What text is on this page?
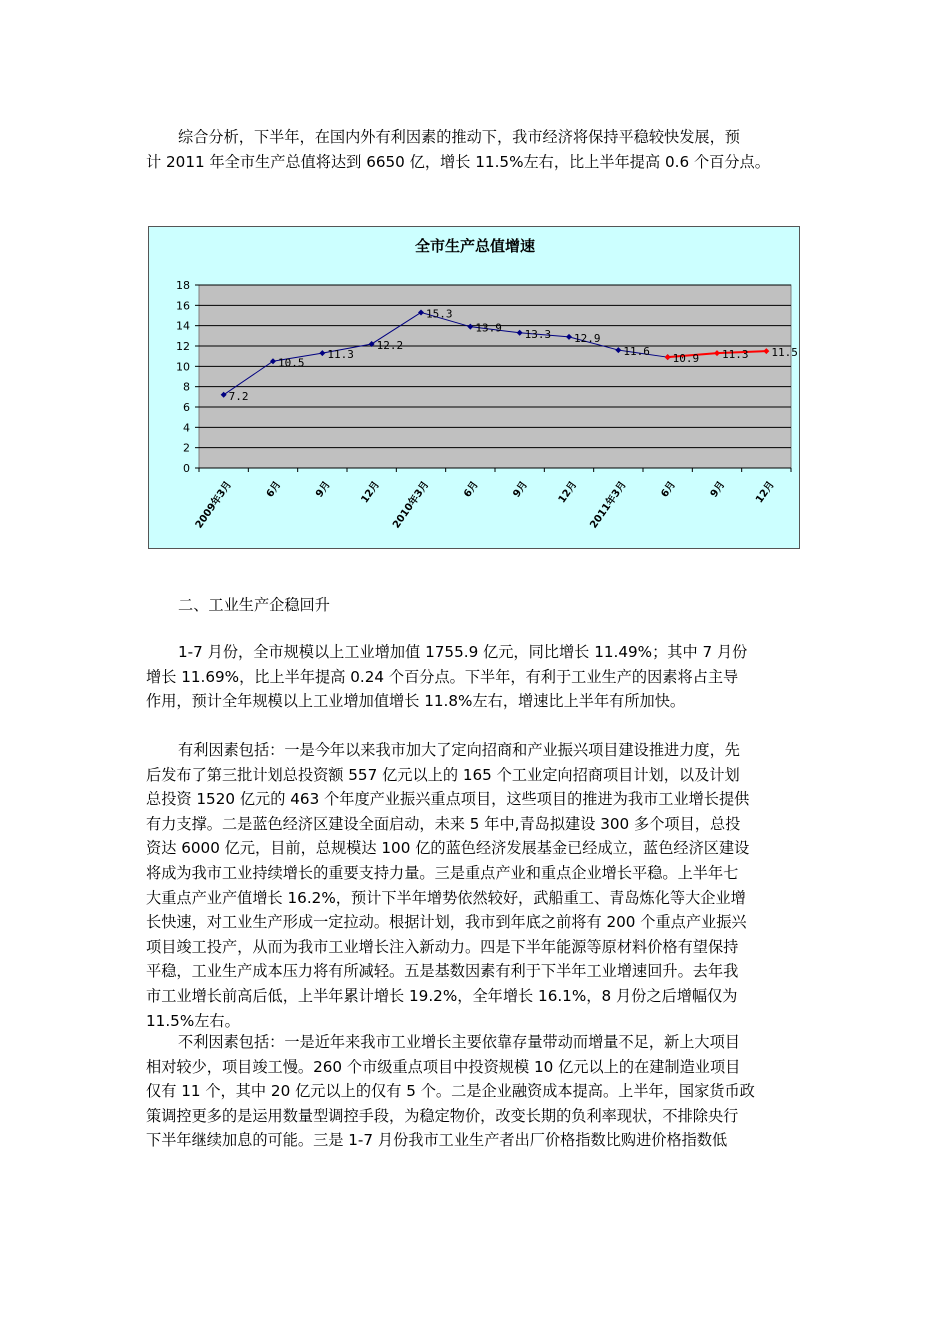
综合分析，下半年，在国内外有利因素的推动下，我市经济将保持平稳较快发展，预
计 2011 年全市生产总值将达到 6650 亿，增长 11.5%左右，比上半年提高 0.6 个百分点。

全市生产总值增速
0
2
4
6
8
10
12
14
16
18
2009年3月	6月	9月	12月 2010年3月	6月	9月	12月 2011年3月	6月	9月	12月
7.2
10.5
11.3
12.2
15.3
13.9 13.3 12.9
11.6
10.9 11.3 11.5

二、工业生产企稳回升

1-7 月份，全市规模以上工业增加值 1755.9 亿元，同比增长 11.49%；其中 7 月份
增长 11.69%，比上半年提高 0.24 个百分点。下半年，有利于工业生产的因素将占主导
作用，预计全年规模以上工业增加值增长 11.8%左右，增速比上半年有所加快。

有利因素包括：一是今年以来我市加大了定向招商和产业振兴项目建设推进力度，先
后发布了第三批计划总投资额 557 亿元以上的 165 个工业定向招商项目计划，以及计划
总投资 1520 亿元的 463 个年度产业振兴重点项目，这些项目的推进为我市工业增长提供
有力支撑。二是蓝色经济区建设全面启动，未来 5 年中,青岛拟建设 300 多个项目，总投
资达 6000 亿元，目前，总规模达 100 亿的蓝色经济发展基金已经成立，蓝色经济区建设
将成为我市工业持续增长的重要支持力量。三是重点产业和重点企业增长平稳。上半年七
大重点产业产值增长 16.2%，预计下半年增势依然较好，武船重工、青岛炼化等大企业增
长快速，对工业生产形成一定拉动。根据计划，我市到年底之前将有 200 个重点产业振兴
项目竣工投产，从而为我市工业增长注入新动力。四是下半年能源等原材料价格有望保持
平稳，工业生产成本压力将有所减轻。五是基数因素有利于下半年工业增速回升。去年我
市工业增长前高后低，上半年累计增长 19.2%，全年增长 16.1%，8 月份之后增幅仅为
11.5%左右。

不利因素包括：一是近年来我市工业增长主要依靠存量带动而增量不足，新上大项目
相对较少，项目竣工慢。260 个市级重点项目中投资规模 10 亿元以上的在建制造业项目
仅有 11 个，其中 20 亿元以上的仅有 5 个。二是企业融资成本提高。上半年，国家货币政
策调控更多的是运用数量型调控手段，为稳定物价，改变长期的负利率现状，不排除央行
下半年继续加息的可能。三是 1-7 月份我市工业生产者出厂价格指数比购进价格指数低
